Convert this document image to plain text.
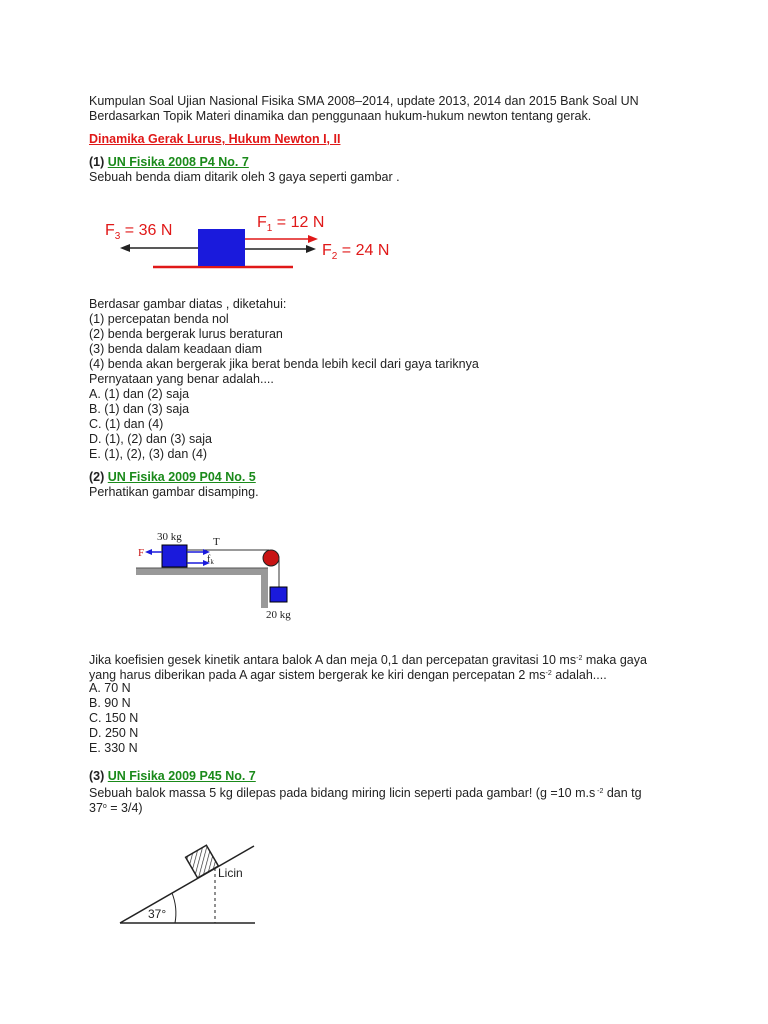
Kumpulan Soal Ujian Nasional Fisika SMA 2008–2014, update 2013, 2014 dan 2015 Bank Soal UN
Berdasarkan Topik Materi dinamika dan penggunaan hukum-hukum newton tentang gerak.
Dinamika Gerak Lurus, Hukum Newton I, II
(1) UN Fisika 2008 P4 No. 7
Sebuah benda diam ditarik oleh 3 gaya seperti gambar .
$F_3 = 36$ N	$F_1 = 12$ N
$F_2 = 24$ N
Berdasar gambar diatas , diketahui:
(1) percepatan benda nol
(2) benda bergerak lurus beraturan
(3) benda dalam keadaan diam
(4) benda akan bergerak jika berat benda lebih kecil dari gaya tariknya
Pernyataan yang benar adalah....
A. (1) dan (2) saja
B. (1) dan (3) saja
C. (1) dan (4)
D. (1), (2) dan (3) saja
E. (1), (2), (3) dan (4)
(2) UN Fisika 2009 P04 No. 5
Perhatikan gambar disamping.
30 kg	T
F
$f_k$
20 kg
Jika koefisien gesek kinetik antara balok A dan meja 0,1 dan percepatan gravitasi 10 $ms^{-2}$ maka gaya
yang harus diberikan pada A agar sistem bergerak ke kiri dengan percepatan 2 $ms^{-2}$ adalah....
A. 70 N
B. 90 N
C. 150 N
D. 250 N
E. 330 N
(3) UN Fisika 2009 P45 No. 7
Sebuah balok massa 5 kg dilepas pada bidang miring licin seperti pada gambar! (g =10 m.s $^{-2}$ dan tg
$37^o = 3/4$)
Licin
37°
